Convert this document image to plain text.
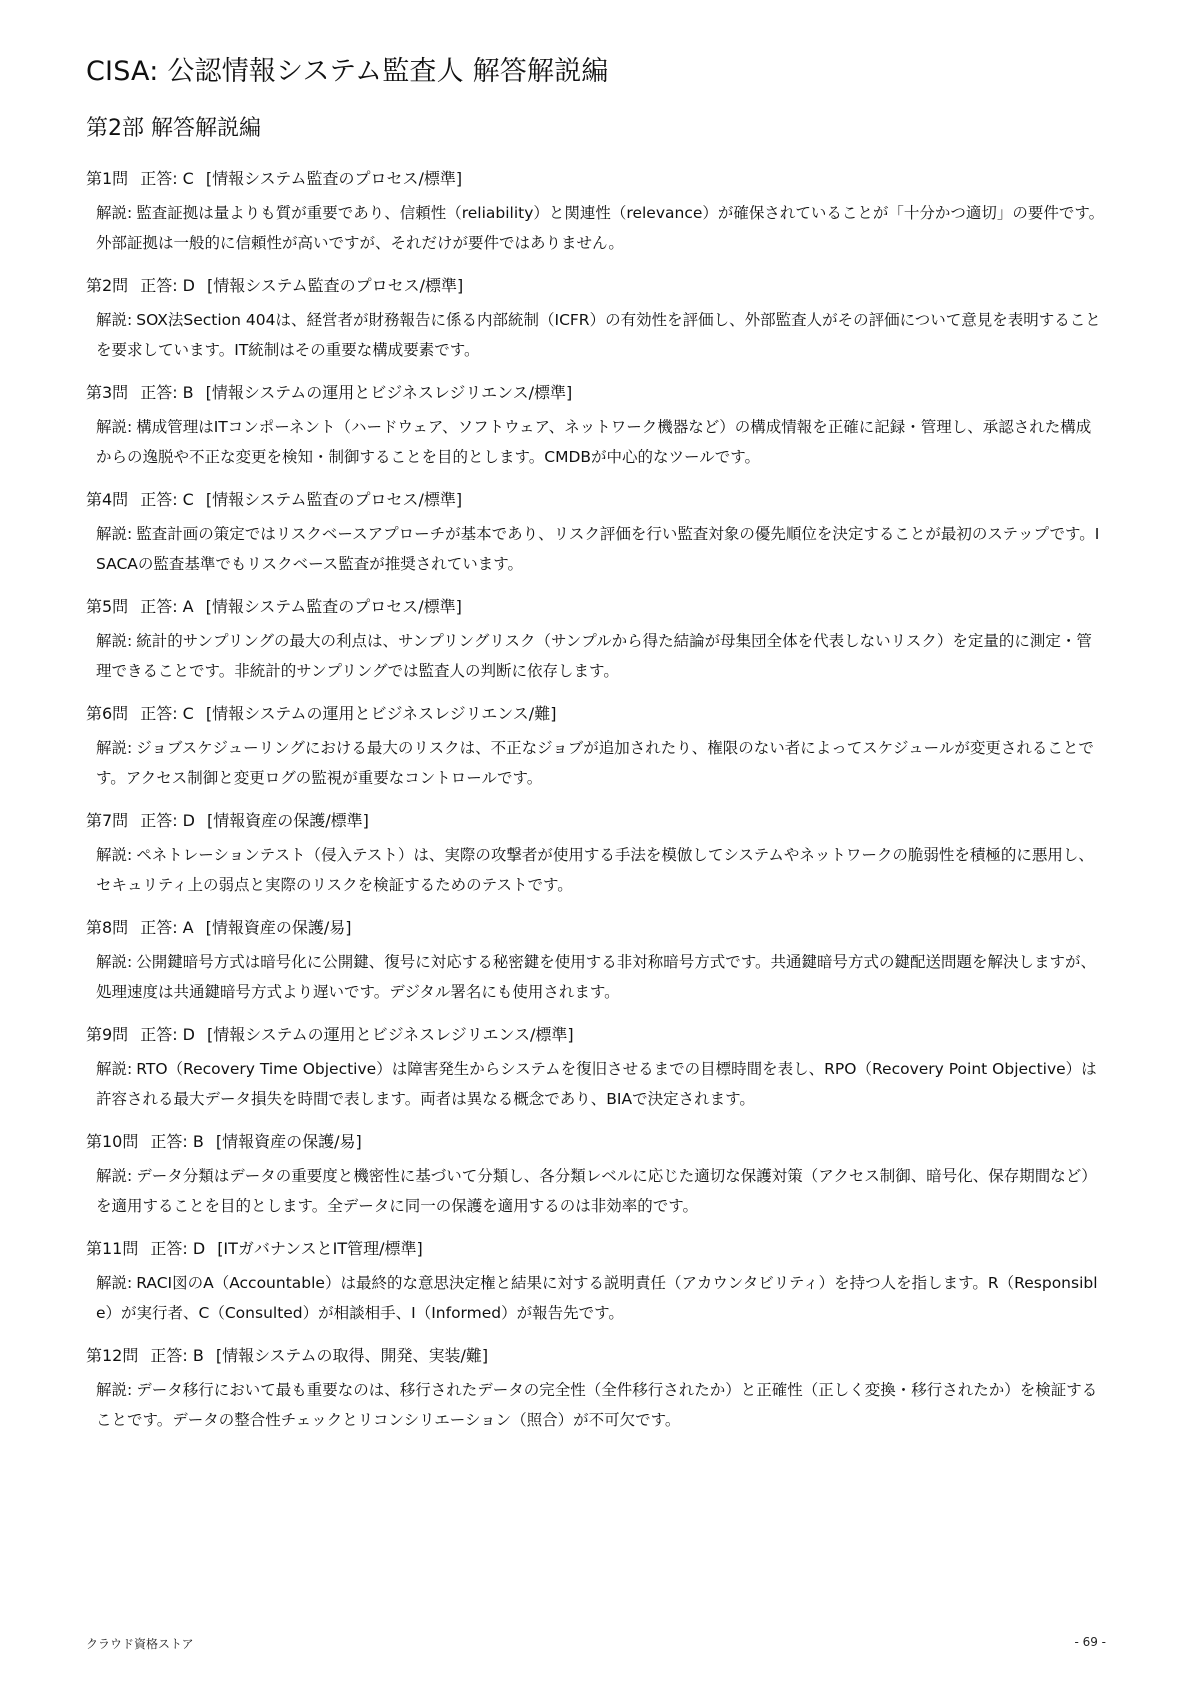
CISA: 公認情報システム監査人 解答解説編
第2部 解答解説編
第1問 正答: C [情報システム監査のプロセス/標準]
解説: 監査証拠は量よりも質が重要であり、信頼性（reliability）と関連性（relevance）が確保されていることが「十分かつ適切」の要件です。外部証拠は一般的に信頼性が高いですが、それだけが要件ではありません。
第2問 正答: D [情報システム監査のプロセス/標準]
解説: SOX法Section 404は、経営者が財務報告に係る内部統制（ICFR）の有効性を評価し、外部監査人がその評価について意見を表明することを要求しています。IT統制はその重要な構成要素です。
第3問 正答: B [情報システムの運用とビジネスレジリエンス/標準]
解説: 構成管理はITコンポーネント（ハードウェア、ソフトウェア、ネットワーク機器など）の構成情報を正確に記録・管理し、承認された構成からの逸脱や不正な変更を検知・制御することを目的とします。CMDBが中心的なツールです。
第4問 正答: C [情報システム監査のプロセス/標準]
解説: 監査計画の策定ではリスクベースアプローチが基本であり、リスク評価を行い監査対象の優先順位を決定することが最初のステップです。ISACAの監査基準でもリスクベース監査が推奨されています。
第5問 正答: A [情報システム監査のプロセス/標準]
解説: 統計的サンプリングの最大の利点は、サンプリングリスク（サンプルから得た結論が母集団全体を代表しないリスク）を定量的に測定・管理できることです。非統計的サンプリングでは監査人の判断に依存します。
第6問 正答: C [情報システムの運用とビジネスレジリエンス/難]
解説: ジョブスケジューリングにおける最大のリスクは、不正なジョブが追加されたり、権限のない者によってスケジュールが変更されることです。アクセス制御と変更ログの監視が重要なコントロールです。
第7問 正答: D [情報資産の保護/標準]
解説: ペネトレーションテスト（侵入テスト）は、実際の攻撃者が使用する手法を模倣してシステムやネットワークの脆弱性を積極的に悪用し、セキュリティ上の弱点と実際のリスクを検証するためのテストです。
第8問 正答: A [情報資産の保護/易]
解説: 公開鍵暗号方式は暗号化に公開鍵、復号に対応する秘密鍵を使用する非対称暗号方式です。共通鍵暗号方式の鍵配送問題を解決しますが、処理速度は共通鍵暗号方式より遅いです。デジタル署名にも使用されます。
第9問 正答: D [情報システムの運用とビジネスレジリエンス/標準]
解説: RTO（Recovery Time Objective）は障害発生からシステムを復旧させるまでの目標時間を表し、RPO（Recovery Point Objective）は許容される最大データ損失を時間で表します。両者は異なる概念であり、BIAで決定されます。
第10問 正答: B [情報資産の保護/易]
解説: データ分類はデータの重要度と機密性に基づいて分類し、各分類レベルに応じた適切な保護対策（アクセス制御、暗号化、保存期間など）を適用することを目的とします。全データに同一の保護を適用するのは非効率的です。
第11問 正答: D [ITガバナンスとIT管理/標準]
解説: RACI図のA（Accountable）は最終的な意思決定権と結果に対する説明責任（アカウンタビリティ）を持つ人を指します。R（Responsible）が実行者、C（Consulted）が相談相手、I（Informed）が報告先です。
第12問 正答: B [情報システムの取得、開発、実装/難]
解説: データ移行において最も重要なのは、移行されたデータの完全性（全件移行されたか）と正確性（正しく変換・移行されたか）を検証することです。データの整合性チェックとリコンシリエーション（照合）が不可欠です。
クラウド資格ストア	- 69 -
